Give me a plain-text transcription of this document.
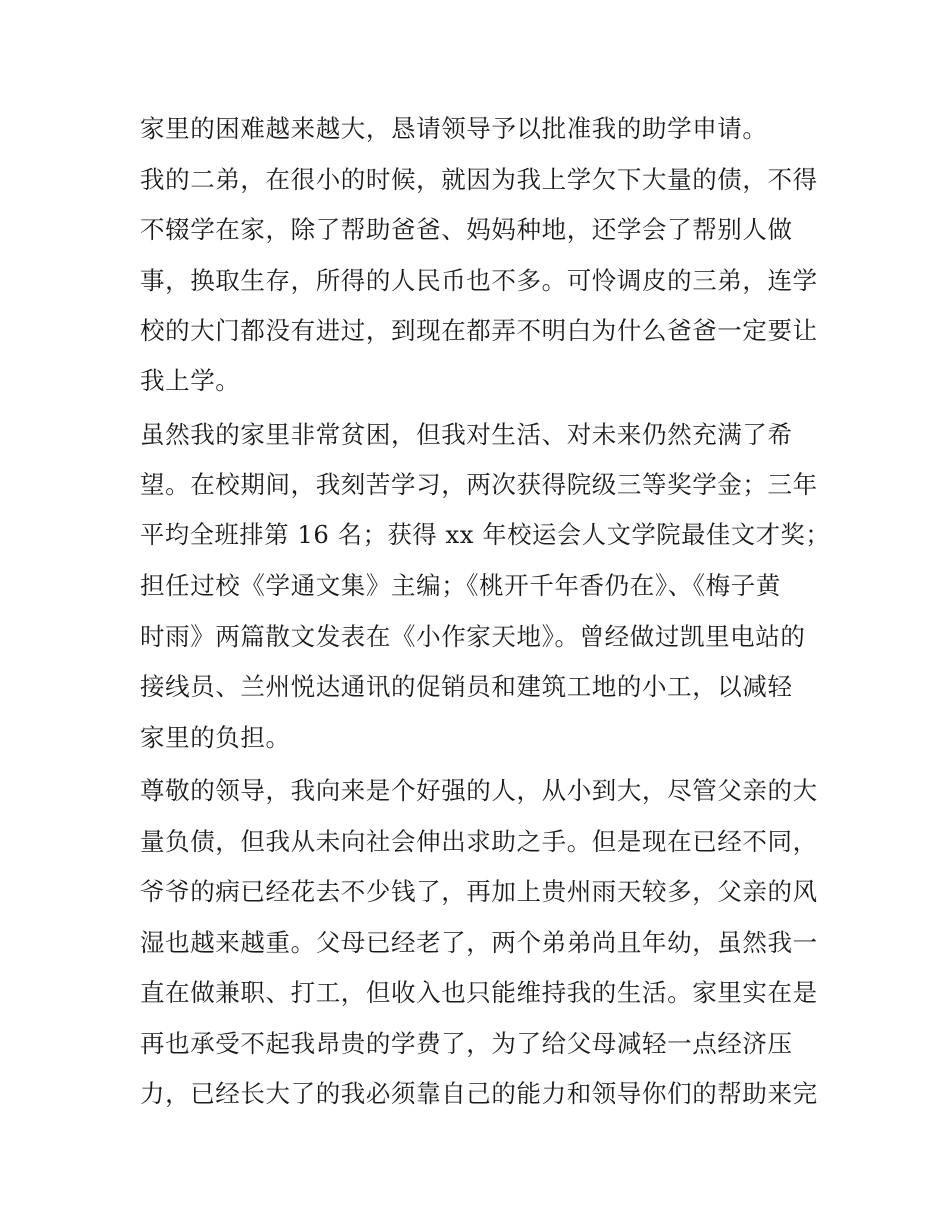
家里的困难越来越大，恳请领导予以批准我的助学申请。
我的二弟，在很小的时候，就因为我上学欠下大量的债，不得
不辍学在家，除了帮助爸爸、妈妈种地，还学会了帮别人做
事，换取生存，所得的人民币也不多。可怜调皮的三弟，连学
校的大门都没有进过，到现在都弄不明白为什么爸爸一定要让
我上学。
虽然我的家里非常贫困，但我对生活、对未来仍然充满了希
望。在校期间，我刻苦学习，两次获得院级三等奖学金；三年
平均全班排第 16 名；获得 xx 年校运会人文学院最佳文才奖；
担任过校《学通文集》主编；《桃开千年香仍在》、《梅子黄
时雨》两篇散文发表在《小作家天地》。曾经做过凯里电站的
接线员、兰州悦达通讯的促销员和建筑工地的小工，以减轻
家里的负担。
尊敬的领导，我向来是个好强的人，从小到大，尽管父亲的大
量负债，但我从未向社会伸出求助之手。但是现在已经不同，
爷爷的病已经花去不少钱了，再加上贵州雨天较多，父亲的风
湿也越来越重。父母已经老了，两个弟弟尚且年幼，虽然我一
直在做兼职、打工，但收入也只能维持我的生活。家里实在是
再也承受不起我昂贵的学费了，为了给父母减轻一点经济压
力，已经长大了的我必须靠自己的能力和领导你们的帮助来完
